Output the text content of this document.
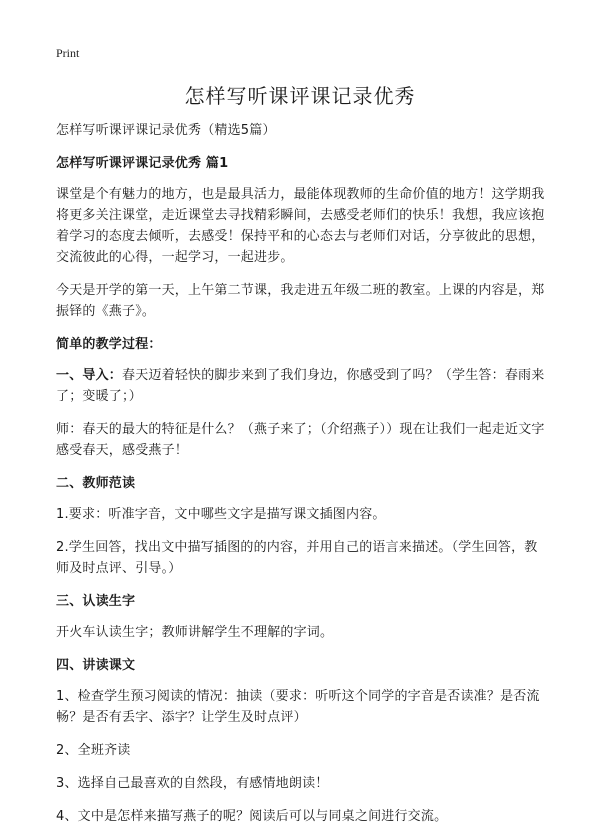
Print
怎样写听课评课记录优秀

怎样写听课评课记录优秀（精选5篇）

怎样写听课评课记录优秀 篇1

课堂是个有魅力的地方，也是最具活力，最能体现教师的生命价值的地方！这学期我将更多关注课堂，走近课堂去寻找精彩瞬间，去感受老师们的快乐！我想，我应该抱着学习的态度去倾听，去感受！保持平和的心态去与老师们对话，分享彼此的思想，交流彼此的心得，一起学习，一起进步。

今天是开学的第一天，上午第二节课，我走进五年级二班的教室。上课的内容是，郑振铎的《燕子》。

简单的教学过程：

一、导入：春天迈着轻快的脚步来到了我们身边，你感受到了吗？（学生答：春雨来了；变暖了；）

师：春天的最大的特征是什么？（燕子来了；（介绍燕子））现在让我们一起走近文字感受春天，感受燕子！

二、教师范读

1.要求：听准字音，文中哪些文字是描写课文插图内容。

2.学生回答，找出文中描写插图的的内容，并用自己的语言来描述。（学生回答，教师及时点评、引导。）

三、认读生字

开火车认读生字；教师讲解学生不理解的字词。

四、讲读课文

1、检查学生预习阅读的情况：抽读（要求：听听这个同学的字音是否读准？是否流畅？是否有丢字、添字？让学生及时点评）

2、全班齐读

3、选择自己最喜欢的自然段，有感情地朗读！

4、文中是怎样来描写燕子的呢？阅读后可以与同桌之间进行交流。
